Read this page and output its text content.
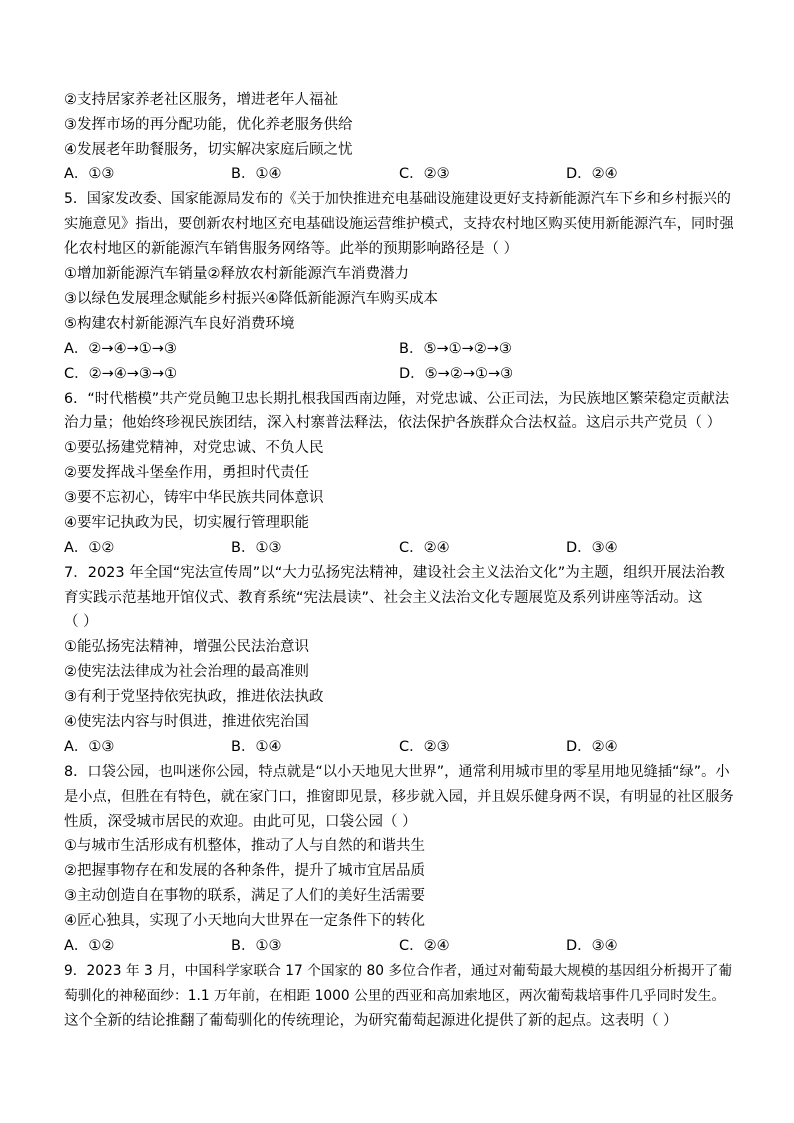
②支持居家养老社区服务，增进老年人福祉
③发挥市场的再分配功能，优化养老服务供给
④发展老年助餐服务，切实解决家庭后顾之忧
A．①③	B．①④	C．②③	D．②④
5．国家发改委、国家能源局发布的《关于加快推进充电基础设施建设更好支持新能源汽车下乡和乡村振兴的
实施意见》指出，要创新农村地区充电基础设施运营维护模式，支持农村地区购买使用新能源汽车，同时强
化农村地区的新能源汽车销售服务网络等。此举的预期影响路径是（ ）
①增加新能源汽车销量②释放农村新能源汽车消费潜力
③以绿色发展理念赋能乡村振兴④降低新能源汽车购买成本
⑤构建农村新能源汽车良好消费环境
A．②→④→①→③	B．⑤→①→②→③
C．②→④→③→①	D．⑤→②→①→③
6．“时代楷模”共产党员鲍卫忠长期扎根我国西南边陲，对党忠诚、公正司法，为民族地区繁荣稳定贡献法
治力量；他始终珍视民族团结，深入村寨普法释法，依法保护各族群众合法权益。这启示共产党员（ ）
①要弘扬建党精神，对党忠诚、不负人民
②要发挥战斗堡垒作用，勇担时代责任
③要不忘初心，铸牢中华民族共同体意识
④要牢记执政为民，切实履行管理职能
A．①②	B．①③	C．②④	D．③④
7．2023 年全国“宪法宣传周”以“大力弘扬宪法精神，建设社会主义法治文化”为主题，组织开展法治教
育实践示范基地开馆仪式、教育系统“宪法晨读”、社会主义法治文化专题展览及系列讲座等活动。这
（ ）
①能弘扬宪法精神，增强公民法治意识
②使宪法法律成为社会治理的最高准则
③有利于党坚持依宪执政，推进依法执政
④使宪法内容与时俱进，推进依宪治国
A．①③	B．①④	C．②③	D．②④
8．口袋公园，也叫迷你公园，特点就是“以小天地见大世界”，通常利用城市里的零星用地见缝插“绿”。小
是小点，但胜在有特色，就在家门口，推窗即见景，移步就入园，并且娱乐健身两不误，有明显的社区服务
性质，深受城市居民的欢迎。由此可见，口袋公园（ ）
①与城市生活形成有机整体，推动了人与自然的和谐共生
②把握事物存在和发展的各种条件，提升了城市宜居品质
③主动创造自在事物的联系，满足了人们的美好生活需要
④匠心独具，实现了小天地向大世界在一定条件下的转化
A．①②	B．①③	C．②④	D．③④
9．2023 年 3 月，中国科学家联合 17 个国家的 80 多位合作者，通过对葡萄最大规模的基因组分析揭开了葡
萄驯化的神秘面纱：1.1 万年前，在相距 1000 公里的西亚和高加索地区，两次葡萄栽培事件几乎同时发生。
这个全新的结论推翻了葡萄驯化的传统理论，为研究葡萄起源进化提供了新的起点。这表明（ ）
